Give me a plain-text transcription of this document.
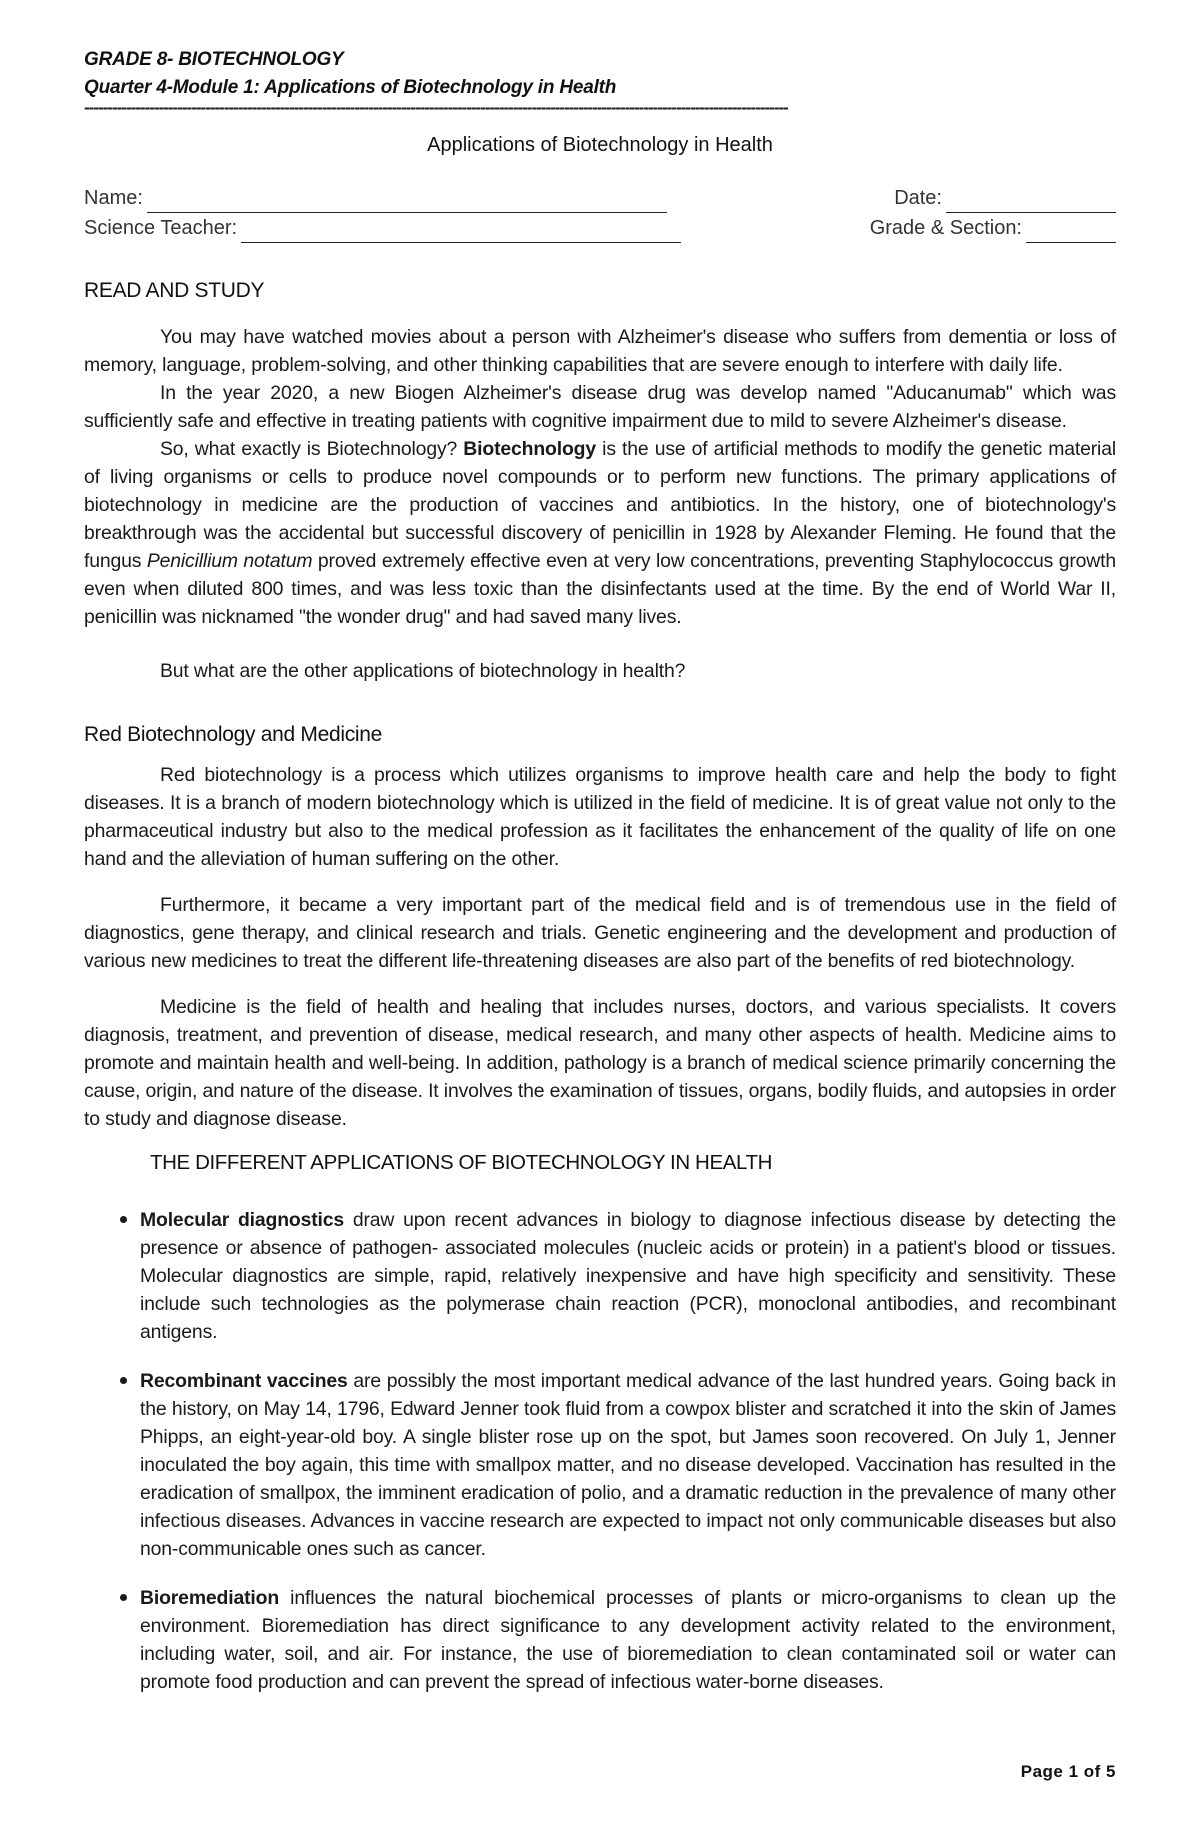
GRADE 8- BIOTECHNOLOGY
Quarter 4-Module 1: Applications of Biotechnology in Health
-------------------------------------------------------------------------------------------------------------------------------------------------------
Applications of Biotechnology in Health
Name:	Date:
Science Teacher:	Grade & Section:
READ AND STUDY

You may have watched movies about a person with Alzheimer's disease who suffers from dementia or loss of memory, language, problem-solving, and other thinking capabilities that are severe enough to interfere with daily life.

In the year 2020, a new Biogen Alzheimer's disease drug was develop named "Aducanumab" which was sufficiently safe and effective in treating patients with cognitive impairment due to mild to severe Alzheimer's disease.

So, what exactly is Biotechnology? Biotechnology is the use of artificial methods to modify the genetic material of living organisms or cells to produce novel compounds or to perform new functions. The primary applications of biotechnology in medicine are the production of vaccines and antibiotics. In the history, one of biotechnology's breakthrough was the accidental but successful discovery of penicillin in 1928 by Alexander Fleming. He found that the fungus Penicillium notatum proved extremely effective even at very low concentrations, preventing Staphylococcus growth even when diluted 800 times, and was less toxic than the disinfectants used at the time. By the end of World War II, penicillin was nicknamed "the wonder drug" and had saved many lives.

But what are the other applications of biotechnology in health?

Red Biotechnology and Medicine

Red biotechnology is a process which utilizes organisms to improve health care and help the body to fight diseases. It is a branch of modern biotechnology which is utilized in the field of medicine. It is of great value not only to the pharmaceutical industry but also to the medical profession as it facilitates the enhancement of the quality of life on one hand and the alleviation of human suffering on the other.

Furthermore, it became a very important part of the medical field and is of tremendous use in the field of diagnostics, gene therapy, and clinical research and trials. Genetic engineering and the development and production of various new medicines to treat the different life-threatening diseases are also part of the benefits of red biotechnology.

Medicine is the field of health and healing that includes nurses, doctors, and various specialists. It covers diagnosis, treatment, and prevention of disease, medical research, and many other aspects of health. Medicine aims to promote and maintain health and well-being. In addition, pathology is a branch of medical science primarily concerning the cause, origin, and nature of the disease. It involves the examination of tissues, organs, bodily fluids, and autopsies in order to study and diagnose disease.

THE DIFFERENT APPLICATIONS OF BIOTECHNOLOGY IN HEALTH
• Molecular diagnostics draw upon recent advances in biology to diagnose infectious disease by detecting the presence or absence of pathogen- associated molecules (nucleic acids or protein) in a patient's blood or tissues. Molecular diagnostics are simple, rapid, relatively inexpensive and have high specificity and sensitivity. These include such technologies as the polymerase chain reaction (PCR), monoclonal antibodies, and recombinant antigens.
• Recombinant vaccines are possibly the most important medical advance of the last hundred years. Going back in the history, on May 14, 1796, Edward Jenner took fluid from a cowpox blister and scratched it into the skin of James Phipps, an eight-year-old boy. A single blister rose up on the spot, but James soon recovered. On July 1, Jenner inoculated the boy again, this time with smallpox matter, and no disease developed. Vaccination has resulted in the eradication of smallpox, the imminent eradication of polio, and a dramatic reduction in the prevalence of many other infectious diseases. Advances in vaccine research are expected to impact not only communicable diseases but also non-communicable ones such as cancer.
• Bioremediation influences the natural biochemical processes of plants or micro-organisms to clean up the environment. Bioremediation has direct significance to any development activity related to the environment, including water, soil, and air. For instance, the use of bioremediation to clean contaminated soil or water can promote food production and can prevent the spread of infectious water-borne diseases.
Page 1 of 5
